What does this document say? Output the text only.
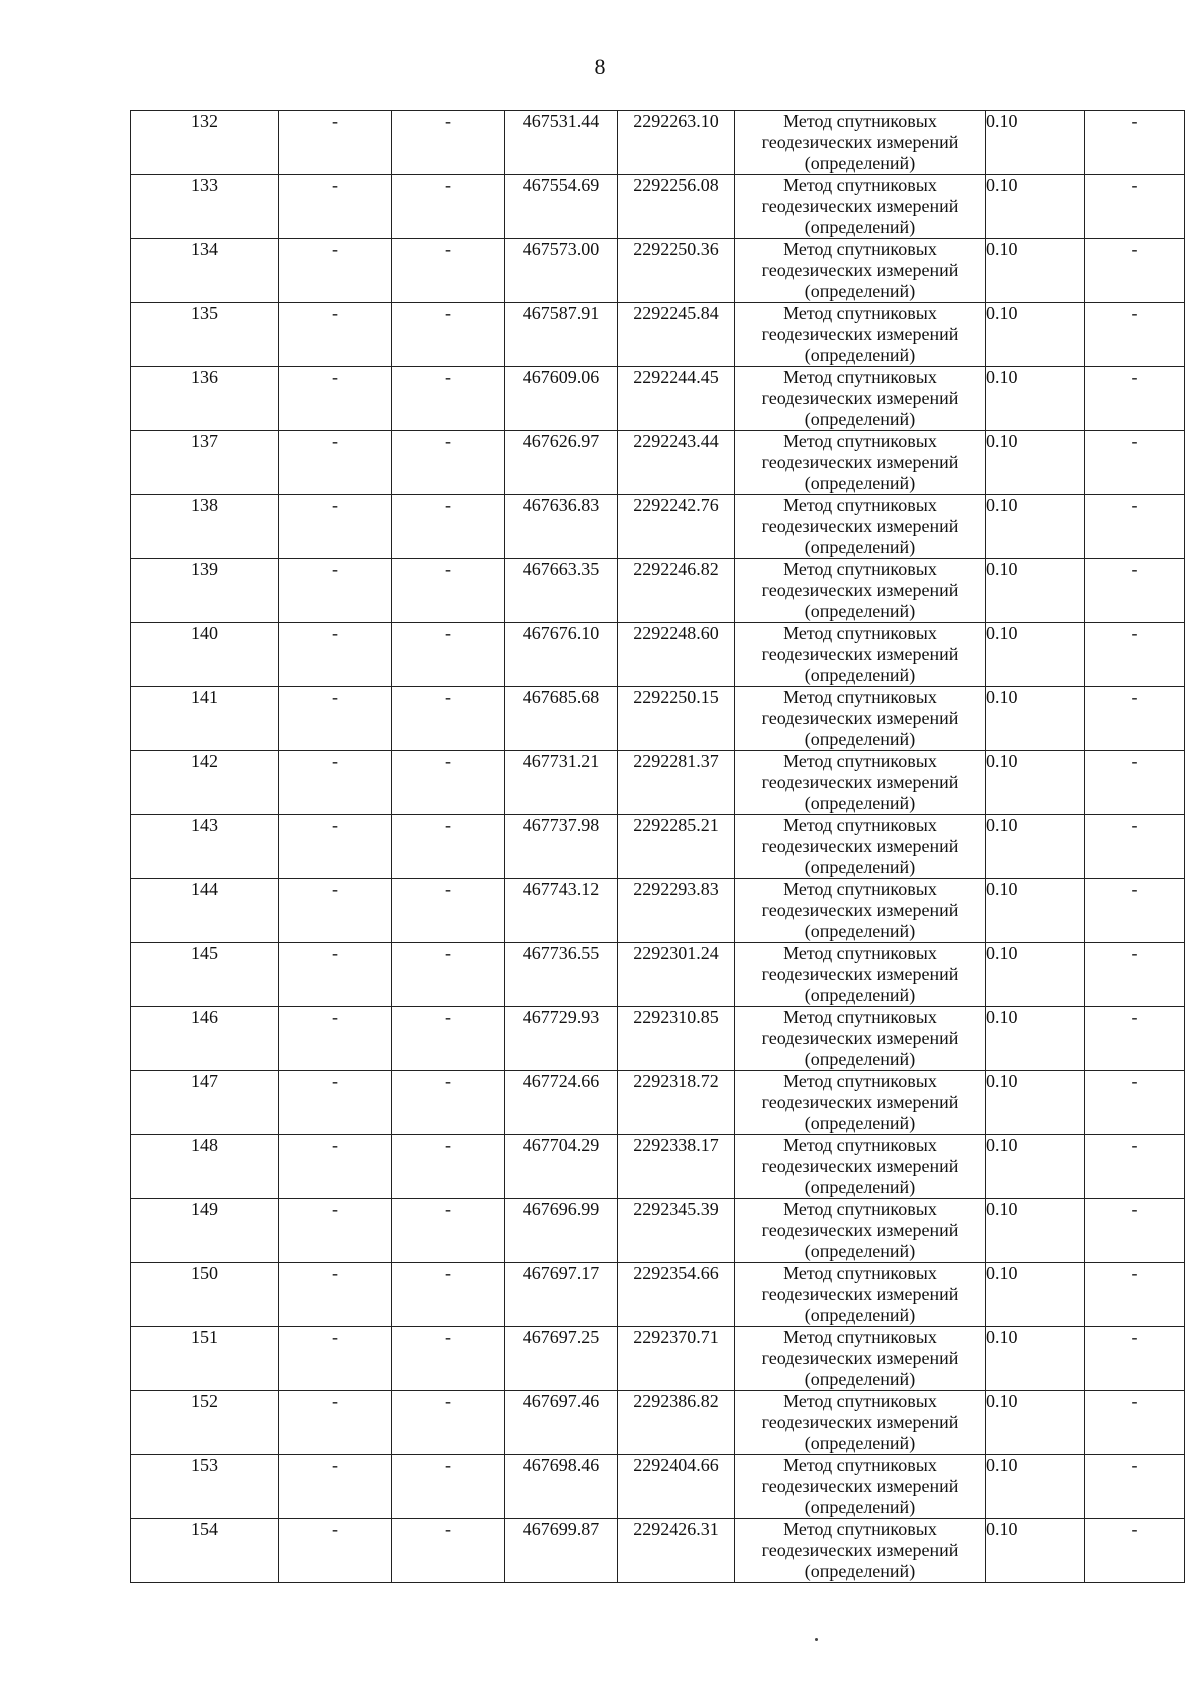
8
132	-	-	467531.44	2292263.10	Метод спутниковых
геодезических измерений
(определений)	0.10	-
133	-	-	467554.69	2292256.08	Метод спутниковых
геодезических измерений
(определений)	0.10	-
134	-	-	467573.00	2292250.36	Метод спутниковых
геодезических измерений
(определений)	0.10	-
135	-	-	467587.91	2292245.84	Метод спутниковых
геодезических измерений
(определений)	0.10	-
136	-	-	467609.06	2292244.45	Метод спутниковых
геодезических измерений
(определений)	0.10	-
137	-	-	467626.97	2292243.44	Метод спутниковых
геодезических измерений
(определений)	0.10	-
138	-	-	467636.83	2292242.76	Метод спутниковых
геодезических измерений
(определений)	0.10	-
139	-	-	467663.35	2292246.82	Метод спутниковых
геодезических измерений
(определений)	0.10	-
140	-	-	467676.10	2292248.60	Метод спутниковых
геодезических измерений
(определений)	0.10	-
141	-	-	467685.68	2292250.15	Метод спутниковых
геодезических измерений
(определений)	0.10	-
142	-	-	467731.21	2292281.37	Метод спутниковых
геодезических измерений
(определений)	0.10	-
143	-	-	467737.98	2292285.21	Метод спутниковых
геодезических измерений
(определений)	0.10	-
144	-	-	467743.12	2292293.83	Метод спутниковых
геодезических измерений
(определений)	0.10	-
145	-	-	467736.55	2292301.24	Метод спутниковых
геодезических измерений
(определений)	0.10	-
146	-	-	467729.93	2292310.85	Метод спутниковых
геодезических измерений
(определений)	0.10	-
147	-	-	467724.66	2292318.72	Метод спутниковых
геодезических измерений
(определений)	0.10	-
148	-	-	467704.29	2292338.17	Метод спутниковых
геодезических измерений
(определений)	0.10	-
149	-	-	467696.99	2292345.39	Метод спутниковых
геодезических измерений
(определений)	0.10	-
150	-	-	467697.17	2292354.66	Метод спутниковых
геодезических измерений
(определений)	0.10	-
151	-	-	467697.25	2292370.71	Метод спутниковых
геодезических измерений
(определений)	0.10	-
152	-	-	467697.46	2292386.82	Метод спутниковых
геодезических измерений
(определений)	0.10	-
153	-	-	467698.46	2292404.66	Метод спутниковых
геодезических измерений
(определений)	0.10	-
154	-	-	467699.87	2292426.31	Метод спутниковых
геодезических измерений
(определений)	0.10	-
